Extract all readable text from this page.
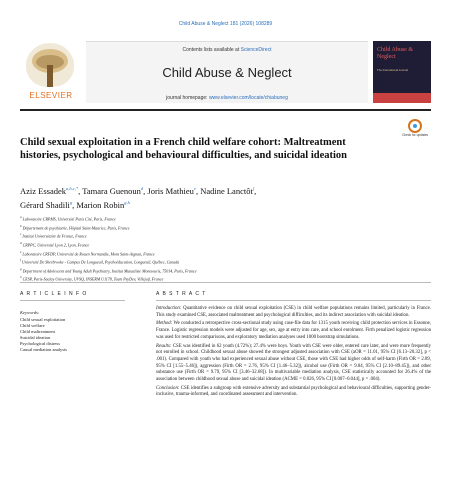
Child Abuse & Neglect 181 (2026) 108289
ELSEVIER
Contents lists available at ScienceDirect
Child Abuse & Neglect
journal homepage: www.elsevier.com/locate/chiabuneg
Child Abuse & Neglect
The International Journal
Child sexual exploitation in a French child welfare cohort: Maltreatment histories, psychological and behavioural difficulties, and suicidal ideation
Check for updates
Aziz Essadek$^{a,b,c,*}$, Tamara Guenoun$^d$, Joris Mathieu$^e$, Nadine Lanctôt$^f$,
Gérard Shadili$^g$, Marion Robin$^{g,h}$
$^a$ Laboratoire CRPMS, Université Paris Cité, Paris, France
$^b$ Département de psychiatrie, Hôpital Saint-Maurice, Paris, France
$^c$ Institut Universitaire de France, France
$^d$ CRPPC, Université Lyon 2, Lyon, France
$^e$ Laboratoire CRFDP, Université de Rouen Normandie, Mont Saint-Aignan, France
$^f$ Université De Sherbrooke - Campus De Longueuil, Psychoéducation, Longueuil, Québec, Canada
$^g$ Department of Adolescent and Young Adult Psychiatry, Institut Mutualiste Montsouris, 75014, Paris, France
$^h$ CESP, Paris-Saclay University, UVSQ, INSERM U1178, Team PsyDev, Villejuif, France
A R T I C L E I N F O
Keywords:
Child sexual exploitation
Child welfare
Child maltreatment
Suicidal ideation
Psychological distress
Causal mediation analysis
A B S T R A C T

Introduction: Quantitative evidence on child sexual exploitation (CSE) in child welfare populations remains limited, particularly in France. This study examined CSE, associated maltreatment and psychological difficulties, and its indirect association with suicidal ideation.

Method: We conducted a retrospective cross-sectional study using case-file data for 1315 youth receiving child protection services in Essonne, France. Logistic regression models were adjusted for age, sex, age at entry into care, and school enrolment. Firth penalized logistic regression was used for restricted comparisons, and exploratory mediation analyses used 1000 bootstrap simulations.

Results: CSE was identified in 62 youth (4.72%); 27.4% were boys. Youth with CSE were older, entered care later, and were more frequently not enrolled in school. Childhood sexual abuse showed the strongest adjusted association with CSE (aOR = 11.01, 95% CI [6.13–20.32], p < .001). Compared with youth who had experienced sexual abuse without CSE, those with CSE had higher odds of self-harm (Firth OR = 2.89, 95% CI [1.55–5.46]), aggression (Firth OR = 2.76, 95% CI [1.46–5.32]), alcohol use (Firth OR = 9.84, 95% CI [2.10–89.45]), and other substance use (Firth OR = 9.79, 95% CI [3.46–32.68]). In multivariable mediation analysis, CSE statistically accounted for 26.4% of the association between childhood sexual abuse and suicidal ideation (ACME = 0.026, 95% CI [0.007–0.044], p = .004).

Conclusion: CSE identifies a subgroup with extensive adversity and substantial psychological and behavioural difficulties, supporting gender-inclusive, trauma-informed, and coordinated assessment and intervention.
